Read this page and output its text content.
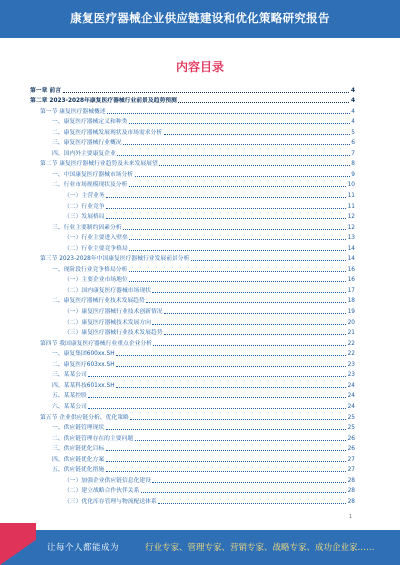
康复医疗器械企业供应链建设和优化策略研究报告
内容目录
第一章 前言	4
第二章 2023-2028年康复医疗器械行业前景及趋势预测	4
第一节 康复医疗器械概述	4
一、康复医疗器械定义和种类	4
二、康复医疗器械发展现状及市场需求分析	5
三、康复医疗器械行业概况	6
四、国内外主要康复企业	7
第二节 康复医疗器械行业趋势及未来发展展望	8
一、中国康复医疗器械市场分析	9
二、行业市场规模现状及分析	10
（一）主营业务	11
（二）行业竞争	11
（三）发展格局	12
三、行业主要制约因素分析	12
（一）行业主要进入壁垒	13
（二）行业主要竞争格局	14
第三节 2023-2028年中国康复医疗器械行业发展前景分析	14
一、现阶段行业竞争格局分析	16
（一）主要企业市场地位	16
（二）国内康复医疗器械市场现状	17
二、康复医疗器械行业技术发展趋势	18
（一）康复医疗器械行业技术创新情况	19
（二）康复医疗器械技术发展方向	20
（三）康复医疗器械行业技术发展趋势	21
第四节 我国康复医疗器械行业重点企业分析	22
一、康复集团600xx.SH	22
二、康复医疗603xx.SH	23
三、某某公司	23
四、某某科技601xx.SH	24
五、某某控股	24
六、某某公司	24
第五节 企业供应链分析、优化策略	25
一、供应链管理现状	25
二、供应链管理存在的主要问题	26
三、供应链优化目标	26
四、供应链优化方案	27
五、供应链优化措施	27
（一）加强企业供应链信息化建设	28
（二）建立战略合作伙伴关系	28
（三）优化库存管理与物流配送体系	28
1
让每个人都能成为	行业专家、管理专家、营销专家、战略专家、成功企业家……
